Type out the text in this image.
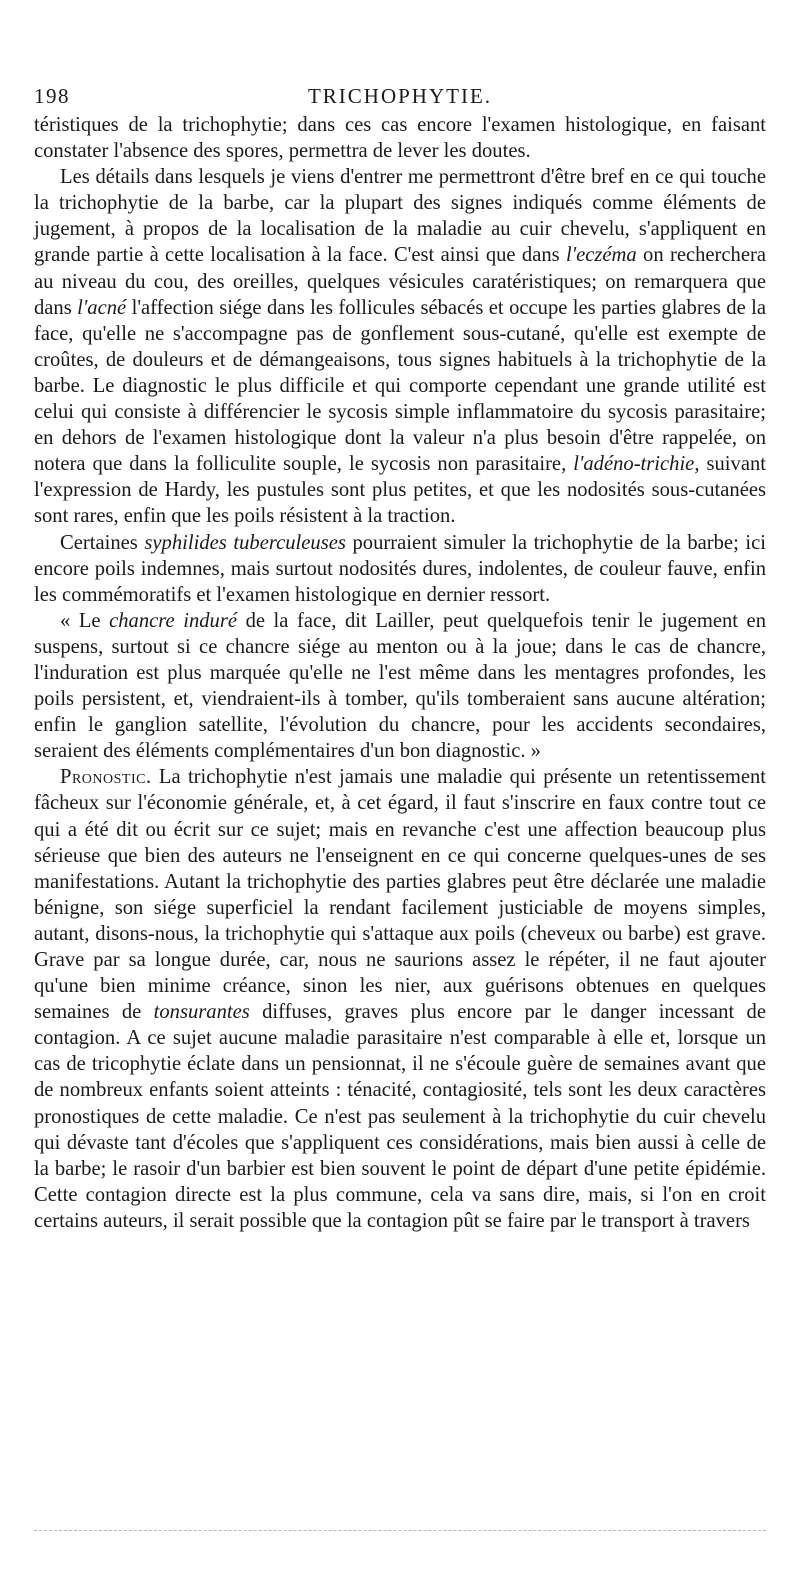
198	TRICHOPHYTIE.

téristiques de la trichophytie; dans ces cas encore l'examen histologique, en faisant constater l'absence des spores, permettra de lever les doutes.

Les détails dans lesquels je viens d'entrer me permettront d'être bref en ce qui touche la trichophytie de la barbe, car la plupart des signes indiqués comme éléments de jugement, à propos de la localisation de la maladie au cuir chevelu, s'appliquent en grande partie à cette localisation à la face. C'est ainsi que dans l'eczéma on recherchera au niveau du cou, des oreilles, quelques vésicules caratéristiques; on remarquera que dans l'acné l'affection siége dans les follicules sébacés et occupe les parties glabres de la face, qu'elle ne s'accompagne pas de gonflement sous-cutané, qu'elle est exempte de croûtes, de douleurs et de démangeaisons, tous signes habituels à la trichophytie de la barbe. Le diagnostic le plus difficile et qui comporte cependant une grande utilité est celui qui consiste à différencier le sycosis simple inflammatoire du sycosis parasitaire; en dehors de l'examen histologique dont la valeur n'a plus besoin d'être rappelée, on notera que dans la folliculite souple, le sycosis non parasitaire, l'adéno-trichie, suivant l'expression de Hardy, les pustules sont plus petites, et que les nodosités sous-cutanées sont rares, enfin que les poils résistent à la traction.

Certaines syphilides tuberculeuses pourraient simuler la trichophytie de la barbe; ici encore poils indemnes, mais surtout nodosités dures, indolentes, de couleur fauve, enfin les commémoratifs et l'examen histologique en dernier ressort.

« Le chancre induré de la face, dit Lailler, peut quelquefois tenir le jugement en suspens, surtout si ce chancre siége au menton ou à la joue; dans le cas de chancre, l'induration est plus marquée qu'elle ne l'est même dans les mentagres profondes, les poils persistent, et, viendraient-ils à tomber, qu'ils tomberaient sans aucune altération; enfin le ganglion satellite, l'évolution du chancre, pour les accidents secondaires, seraient des éléments complémentaires d'un bon diagnostic. »

Pronostic. La trichophytie n'est jamais une maladie qui présente un retentissement fâcheux sur l'économie générale, et, à cet égard, il faut s'inscrire en faux contre tout ce qui a été dit ou écrit sur ce sujet; mais en revanche c'est une affection beaucoup plus sérieuse que bien des auteurs ne l'enseignent en ce qui concerne quelques-unes de ses manifestations. Autant la trichophytie des parties glabres peut être déclarée une maladie bénigne, son siége superficiel la rendant facilement justiciable de moyens simples, autant, disons-nous, la trichophytie qui s'attaque aux poils (cheveux ou barbe) est grave. Grave par sa longue durée, car, nous ne saurions assez le répéter, il ne faut ajouter qu'une bien minime créance, sinon les nier, aux guérisons obtenues en quelques semaines de tonsurantes diffuses, graves plus encore par le danger incessant de contagion. A ce sujet aucune maladie parasitaire n'est comparable à elle et, lorsque un cas de tricophytie éclate dans un pensionnat, il ne s'écoule guère de semaines avant que de nombreux enfants soient atteints : ténacité, contagiosité, tels sont les deux caractères pronostiques de cette maladie. Ce n'est pas seulement à la trichophytie du cuir chevelu qui dévaste tant d'écoles que s'appliquent ces considérations, mais bien aussi à celle de la barbe; le rasoir d'un barbier est bien souvent le point de départ d'une petite épidémie. Cette contagion directe est la plus commune, cela va sans dire, mais, si l'on en croit certains auteurs, il serait possible que la contagion pût se faire par le transport à travers
